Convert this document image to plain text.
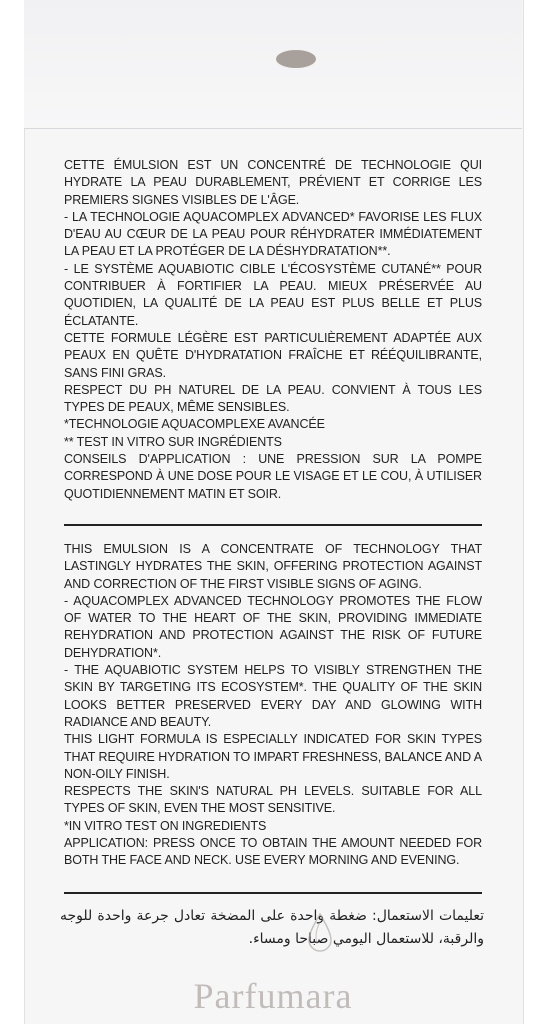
CETTE ÉMULSION EST UN CONCENTRÉ DE TECHNOLOGIE QUI HYDRATE LA PEAU DURABLEMENT, PRÉVIENT ET CORRIGE LES PREMIERS SIGNES VISIBLES DE L'ÂGE.

- LA TECHNOLOGIE AQUACOMPLEX ADVANCED* FAVORISE LES FLUX D'EAU AU CŒUR DE LA PEAU POUR RÉHYDRATER IMMÉDIATEMENT LA PEAU ET LA PROTÉGER DE LA DÉSHYDRATATION**.

- LE SYSTÈME AQUABIOTIC CIBLE L'ÉCOSYSTÈME CUTANÉ** POUR CONTRIBUER À FORTIFIER LA PEAU. MIEUX PRÉSERVÉE AU QUOTIDIEN, LA QUALITÉ DE LA PEAU EST PLUS BELLE ET PLUS ÉCLATANTE.

CETTE FORMULE LÉGÈRE EST PARTICULIÈREMENT ADAPTÉE AUX PEAUX EN QUÊTE D'HYDRATATION FRAÎCHE ET RÉÉQUILIBRANTE, SANS FINI GRAS.

RESPECT DU PH NATUREL DE LA PEAU. CONVIENT À TOUS LES TYPES DE PEAUX, MÊME SENSIBLES.

*TECHNOLOGIE AQUACOMPLEXE AVANCÉE

** TEST IN VITRO SUR INGRÉDIENTS

CONSEILS D'APPLICATION : UNE PRESSION SUR LA POMPE CORRESPOND À UNE DOSE POUR LE VISAGE ET LE COU, À UTILISER QUOTIDIENNEMENT MATIN ET SOIR.

THIS EMULSION IS A CONCENTRATE OF TECHNOLOGY THAT LASTINGLY HYDRATES THE SKIN, OFFERING PROTECTION AGAINST AND CORRECTION OF THE FIRST VISIBLE SIGNS OF AGING.

- AQUACOMPLEX ADVANCED TECHNOLOGY PROMOTES THE FLOW OF WATER TO THE HEART OF THE SKIN, PROVIDING IMMEDIATE REHYDRATION AND PROTECTION AGAINST THE RISK OF FUTURE DEHYDRATION*.

- THE AQUABIOTIC SYSTEM HELPS TO VISIBLY STRENGTHEN THE SKIN BY TARGETING ITS ECOSYSTEM*. THE QUALITY OF THE SKIN LOOKS BETTER PRESERVED EVERY DAY AND GLOWING WITH RADIANCE AND BEAUTY.

THIS LIGHT FORMULA IS ESPECIALLY INDICATED FOR SKIN TYPES THAT REQUIRE HYDRATION TO IMPART FRESHNESS, BALANCE AND A NON-OILY FINISH.

RESPECTS THE SKIN'S NATURAL PH LEVELS. SUITABLE FOR ALL TYPES OF SKIN, EVEN THE MOST SENSITIVE.

*IN VITRO TEST ON INGREDIENTS

APPLICATION: PRESS ONCE TO OBTAIN THE AMOUNT NEEDED FOR BOTH THE FACE AND NECK. USE EVERY MORNING AND EVENING.

تعليمات الاستعمال: ضغطة واحدة على المضخة تعادل جرعة واحدة للوجه والرقبة، للاستعمال اليومي صباحا ومساء.

Parfumara
